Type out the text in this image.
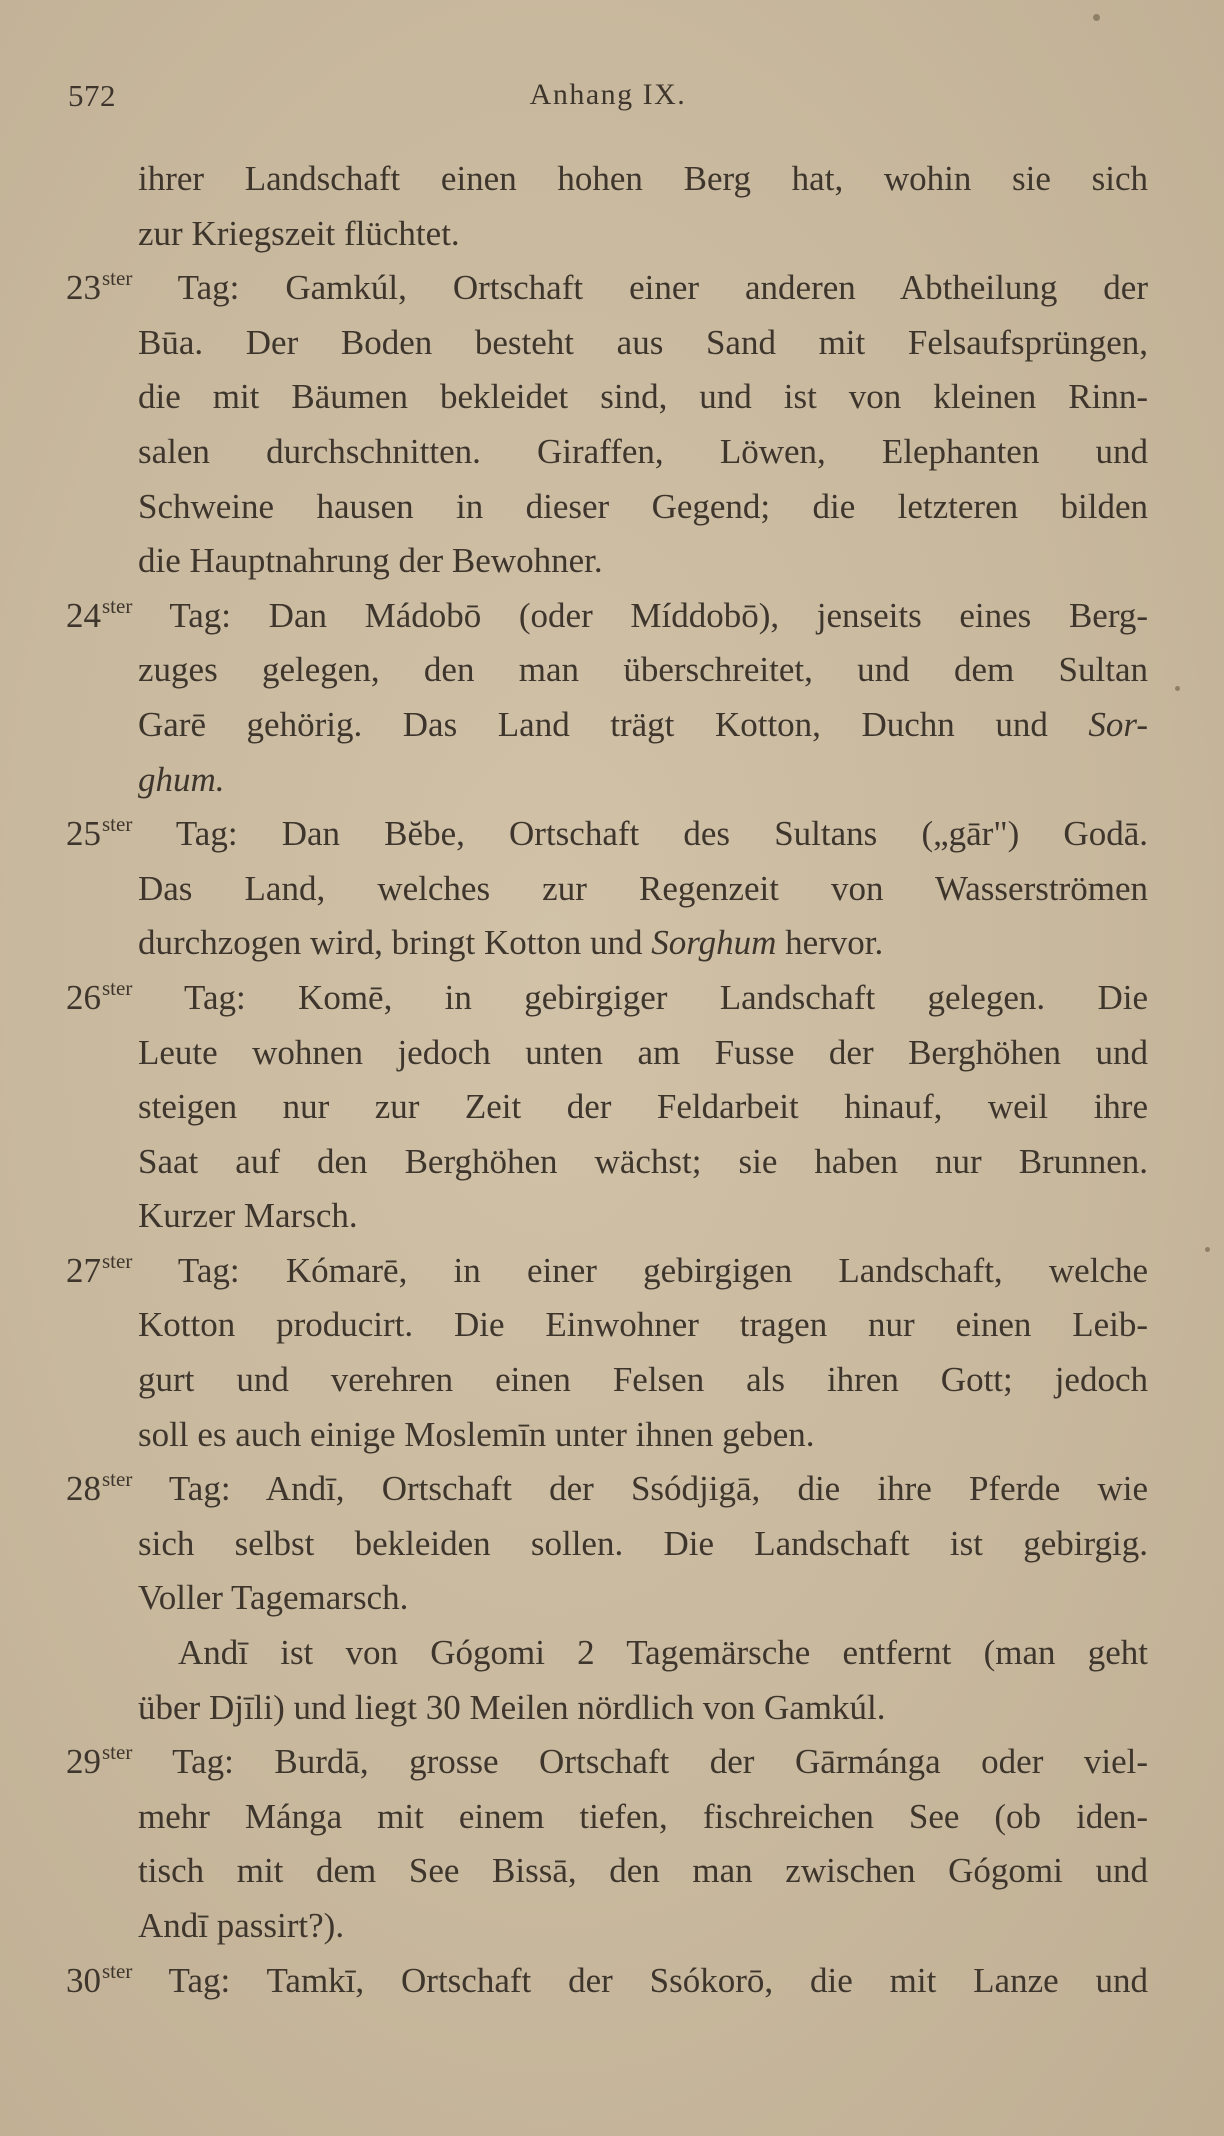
572	Anhang IX.
ihrer Landschaft einen hohen Berg hat, wohin sie sich
zur Kriegszeit flüchtet.
$23^{ster}$ Tag: Gamkúl, Ortschaft einer anderen Abtheilung der
Būa. Der Boden besteht aus Sand mit Felsaufsprüngen,
die mit Bäumen bekleidet sind, und ist von kleinen Rinn-
salen durchschnitten. Giraffen, Löwen, Elephanten und
Schweine hausen in dieser Gegend; die letzteren bilden
die Hauptnahrung der Bewohner.
$24^{ster}$ Tag: Dan Mádobō (oder Míddobō), jenseits eines Berg-
zuges gelegen, den man überschreitet, und dem Sultan
Garē gehörig. Das Land trägt Kotton, Duchn und Sor-
ghum.
$25^{ster}$ Tag: Dan Bĕbe, Ortschaft des Sultans („gār") Godā.
Das Land, welches zur Regenzeit von Wasserströmen
durchzogen wird, bringt Kotton und Sorghum hervor.
$26^{ster}$ Tag: Komē, in gebirgiger Landschaft gelegen. Die
Leute wohnen jedoch unten am Fusse der Berghöhen und
steigen nur zur Zeit der Feldarbeit hinauf, weil ihre
Saat auf den Berghöhen wächst; sie haben nur Brunnen.
Kurzer Marsch.
$27^{ster}$ Tag: Kómarē, in einer gebirgigen Landschaft, welche
Kotton producirt. Die Einwohner tragen nur einen Leib-
gurt und verehren einen Felsen als ihren Gott; jedoch
soll es auch einige Moslemīn unter ihnen geben.
$28^{ster}$ Tag: Andī, Ortschaft der Ssódjigā, die ihre Pferde wie
sich selbst bekleiden sollen. Die Landschaft ist gebirgig.
Voller Tagemarsch.
Andī ist von Gógomi 2 Tagemärsche entfernt (man geht
über Djīli) und liegt 30 Meilen nördlich von Gamkúl.
$29^{ster}$ Tag: Burdā, grosse Ortschaft der Gārmánga oder viel-
mehr Mánga mit einem tiefen, fischreichen See (ob iden-
tisch mit dem See Bissā, den man zwischen Gógomi und
Andī passirt?).
$30^{ster}$ Tag: Tamkī, Ortschaft der Ssókorō, die mit Lanze und
